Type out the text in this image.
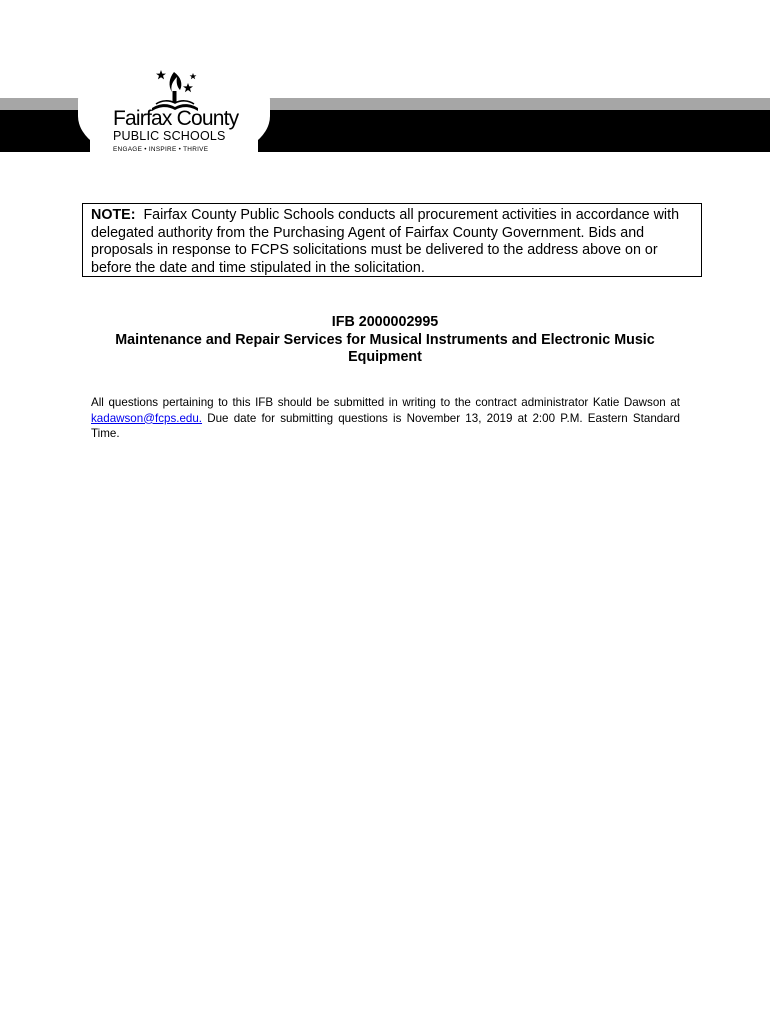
Fairfax County
PUBLIC SCHOOLS
ENGAGE • INSPIRE • THRIVE
NOTE: Fairfax County Public Schools conducts all procurement activities in accordance with delegated authority from the Purchasing Agent of Fairfax County Government. Bids and proposals in response to FCPS solicitations must be delivered to the address above on or before the date and time stipulated in the solicitation.
IFB 2000002995
Maintenance and Repair Services for Musical Instruments and Electronic Music Equipment
All questions pertaining to this IFB should be submitted in writing to the contract administrator Katie Dawson at kadawson@fcps.edu. Due date for submitting questions is November 13, 2019 at 2:00 P.M. Eastern Standard Time.
